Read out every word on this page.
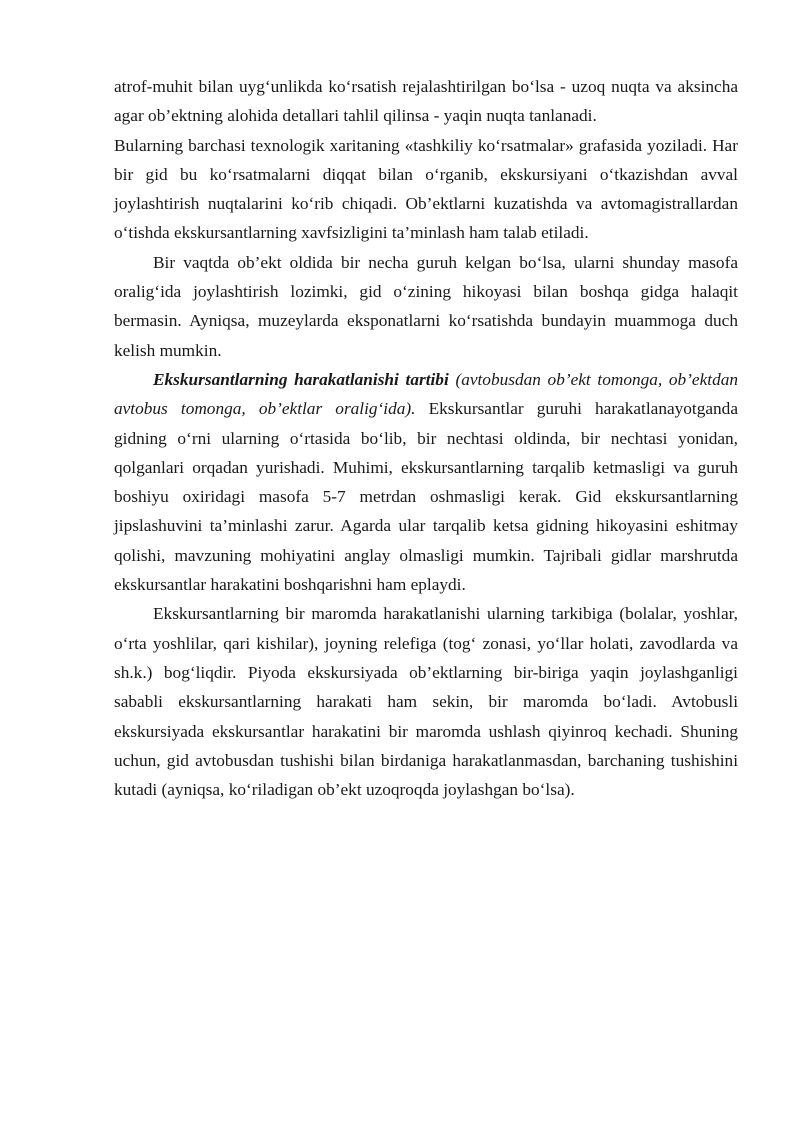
atrof-muhit bilan uyg‘unlikda ko‘rsatish rejalashtirilgan bo‘lsa - uzoq nuqta va aksincha agar ob’ektning alohida detallari tahlil qilinsa - yaqin nuqta tanlanadi.

Bularning barchasi texnologik xaritaning «tashkiliy ko‘rsatmalar» grafasida yoziladi. Har bir gid bu ko‘rsatmalarni diqqat bilan o‘rganib, ekskursiyani o‘tkazishdan avval joylashtirish nuqtalarini ko‘rib chiqadi. Ob’ektlarni kuzatishda va avtomagistrallardan o‘tishda ekskursantlarning xavfsizligini ta’minlash ham talab etiladi.

Bir vaqtda ob’ekt oldida bir necha guruh kelgan bo‘lsa, ularni shunday masofa oralig‘ida joylashtirish lozimki, gid o‘zining hikoyasi bilan boshqa gidga halaqit bermasin. Ayniqsa, muzeylarda eksponatlarni ko‘rsatishda bundayin muammoga duch kelish mumkin.

Ekskursantlarning harakatlanishi tartibi (avtobusdan ob’ekt tomonga, ob’ektdan avtobus tomonga, ob’ektlar oralig‘ida). Ekskursantlar guruhi harakatlanayotganda gidning o‘rni ularning o‘rtasida bo‘lib, bir nechtasi oldinda, bir nechtasi yonidan, qolganlari orqadan yurishadi. Muhimi, ekskursantlarning tarqalib ketmasligi va guruh boshiyu oxiridagi masofa 5-7 metrdan oshmasligi kerak. Gid ekskursantlarning jipslashuvini ta’minlashi zarur. Agarda ular tarqalib ketsa gidning hikoyasini eshitmay qolishi, mavzuning mohiyatini anglay olmasligi mumkin. Tajribali gidlar marshrutda ekskursantlar harakatini boshqarishni ham eplaydi.

Ekskursantlarning bir maromda harakatlanishi ularning tarkibiga (bolalar, yoshlar, o‘rta yoshlilar, qari kishilar), joyning relefiga (tog‘ zonasi, yo‘llar holati, zavodlarda va sh.k.) bog‘liqdir. Piyoda ekskursiyada ob’ektlarning bir-biriga yaqin joylashganligi sababli ekskursantlarning harakati ham sekin, bir maromda bo‘ladi. Avtobusli ekskursiyada ekskursantlar harakatini bir maromda ushlash qiyinroq kechadi. Shuning uchun, gid avtobusdan tushishi bilan birdaniga harakatlanmasdan, barchaning tushishini kutadi (ayniqsa, ko‘riladigan ob’ekt uzoqroqda joylashgan bo‘lsa).
